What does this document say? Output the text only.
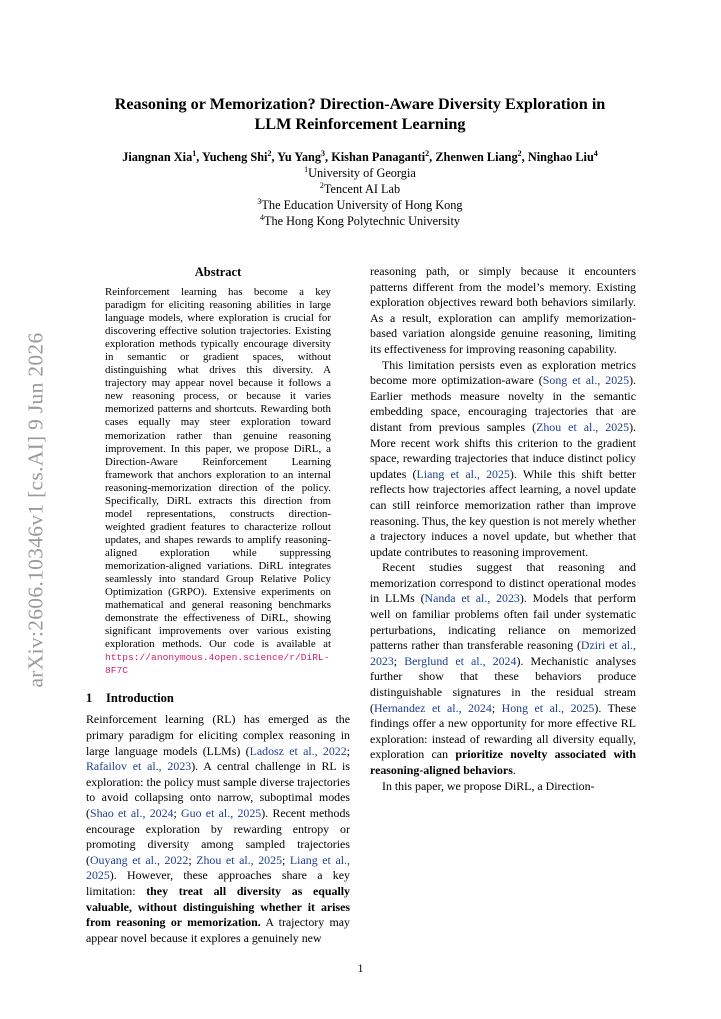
arXiv:2606.10346v1 [cs.AI] 9 Jun 2026
Reasoning or Memorization? Direction-Aware Diversity Exploration in
LLM Reinforcement Learning
Jiangnan Xia$^1$, Yucheng Shi$^2$, Yu Yang$^3$, Kishan Panaganti$^2$, Zhenwen Liang$^2$, Ninghao Liu$^4$
$^1$University of Georgia
$^2$Tencent AI Lab
$^3$The Education University of Hong Kong
$^4$The Hong Kong Polytechnic University
Abstract
Reinforcement learning has become a key paradigm for eliciting reasoning abilities in large language models, where exploration is crucial for discovering effective solution trajectories. Existing exploration methods typically encourage diversity in semantic or gradient spaces, without distinguishing what drives this diversity. A trajectory may appear novel because it follows a new reasoning process, or because it varies memorized patterns and shortcuts. Rewarding both cases equally may steer exploration toward memorization rather than genuine reasoning improvement. In this paper, we propose DiRL, a Direction-Aware Reinforcement Learning framework that anchors exploration to an internal reasoning-memorization direction of the policy. Specifically, DiRL extracts this direction from model representations, constructs direction-weighted gradient features to characterize rollout updates, and shapes rewards to amplify reasoning-aligned exploration while suppressing memorization-aligned variations. DiRL integrates seamlessly into standard Group Relative Policy Optimization (GRPO). Extensive experiments on mathematical and general reasoning benchmarks demonstrate the effectiveness of DiRL, showing significant improvements over various existing exploration methods. Our code is available at https://anonymous.4open.science/r/DiRL-8F7C
1 Introduction
Reinforcement learning (RL) has emerged as the primary paradigm for eliciting complex reasoning in large language models (LLMs) (Ladosz et al., 2022; Rafailov et al., 2023). A central challenge in RL is exploration: the policy must sample diverse trajectories to avoid collapsing onto narrow, suboptimal modes (Shao et al., 2024; Guo et al., 2025). Recent methods encourage exploration by rewarding entropy or promoting diversity among sampled trajectories (Ouyang et al., 2022; Zhou et al., 2025; Liang et al., 2025). However, these approaches share a key limitation: they treat all diversity as equally valuable, without distinguishing whether it arises from reasoning or memorization. A trajectory may appear novel because it explores a genuinely new
reasoning path, or simply because it encounters patterns different from the model’s memory. Existing exploration objectives reward both behaviors similarly. As a result, exploration can amplify memorization-based variation alongside genuine reasoning, limiting its effectiveness for improving reasoning capability.
This limitation persists even as exploration metrics become more optimization-aware (Song et al., 2025). Earlier methods measure novelty in the semantic embedding space, encouraging trajectories that are distant from previous samples (Zhou et al., 2025). More recent work shifts this criterion to the gradient space, rewarding trajectories that induce distinct policy updates (Liang et al., 2025). While this shift better reflects how trajectories affect learning, a novel update can still reinforce memorization rather than improve reasoning. Thus, the key question is not merely whether a trajectory induces a novel update, but whether that update contributes to reasoning improvement.
Recent studies suggest that reasoning and memorization correspond to distinct operational modes in LLMs (Nanda et al., 2023). Models that perform well on familiar problems often fail under systematic perturbations, indicating reliance on memorized patterns rather than transferable reasoning (Dziri et al., 2023; Berglund et al., 2024). Mechanistic analyses further show that these behaviors produce distinguishable signatures in the residual stream (Hernandez et al., 2024; Hong et al., 2025). These findings offer a new opportunity for more effective RL exploration: instead of rewarding all diversity equally, exploration can prioritize novelty associated with reasoning-aligned behaviors.
In this paper, we propose DiRL, a Direction-
1
